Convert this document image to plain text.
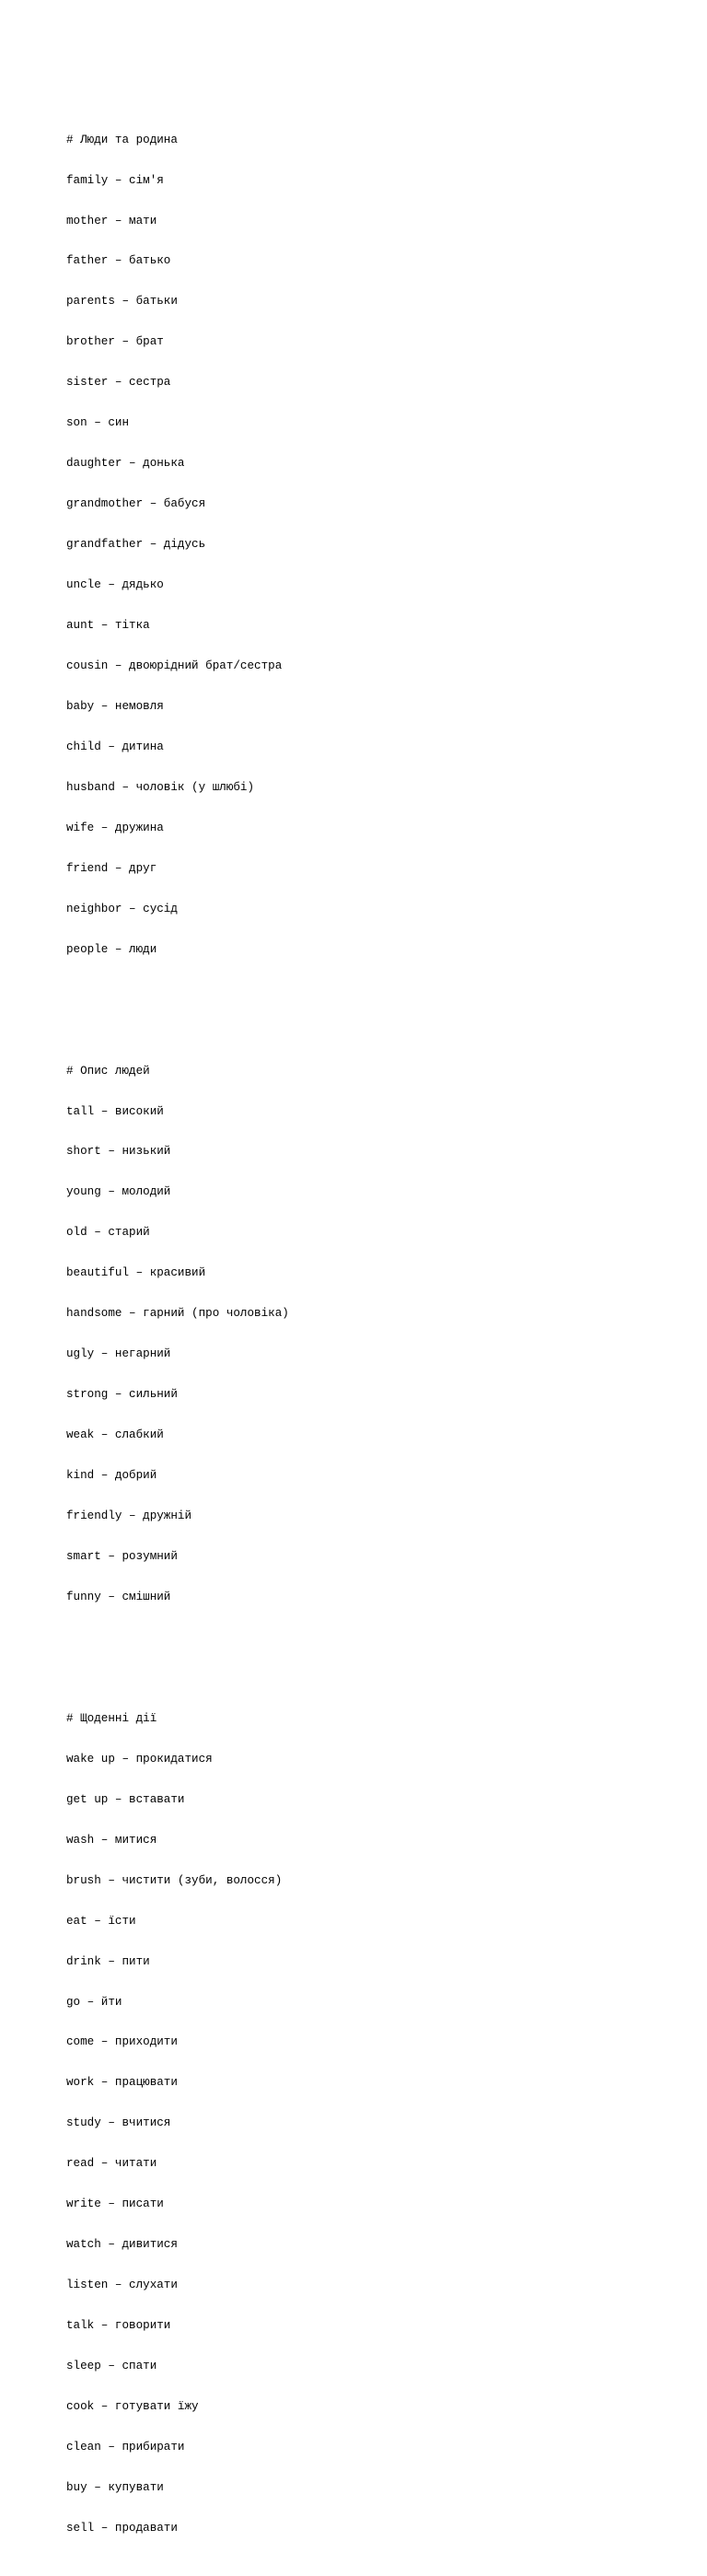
# Люди та родина

family – сім'я

mother – мати

father – батько

parents – батьки

brother – брат

sister – сестра

son – син

daughter – донька

grandmother – бабуся

grandfather – дідусь

uncle – дядько

aunt – тітка

cousin – двоюрідний брат/сестра

baby – немовля

child – дитина

husband – чоловік (у шлюбі)

wife – дружина

friend – друг

neighbor – сусід

people – люди

# Опис людей

tall – високий

short – низький

young – молодий

old – старий

beautiful – красивий

handsome – гарний (про чоловіка)

ugly – негарний

strong – сильний

weak – слабкий

kind – добрий

friendly – дружній

smart – розумний

funny – смішний

# Щоденні дії

wake up – прокидатися

get up – вставати

wash – митися

brush – чистити (зуби, волосся)

eat – їсти

drink – пити

go – йти

come – приходити

work – працювати

study – вчитися

read – читати

write – писати

watch – дивитися

listen – слухати

talk – говорити

sleep – спати

cook – готувати їжу

clean – прибирати

buy – купувати

sell – продавати
